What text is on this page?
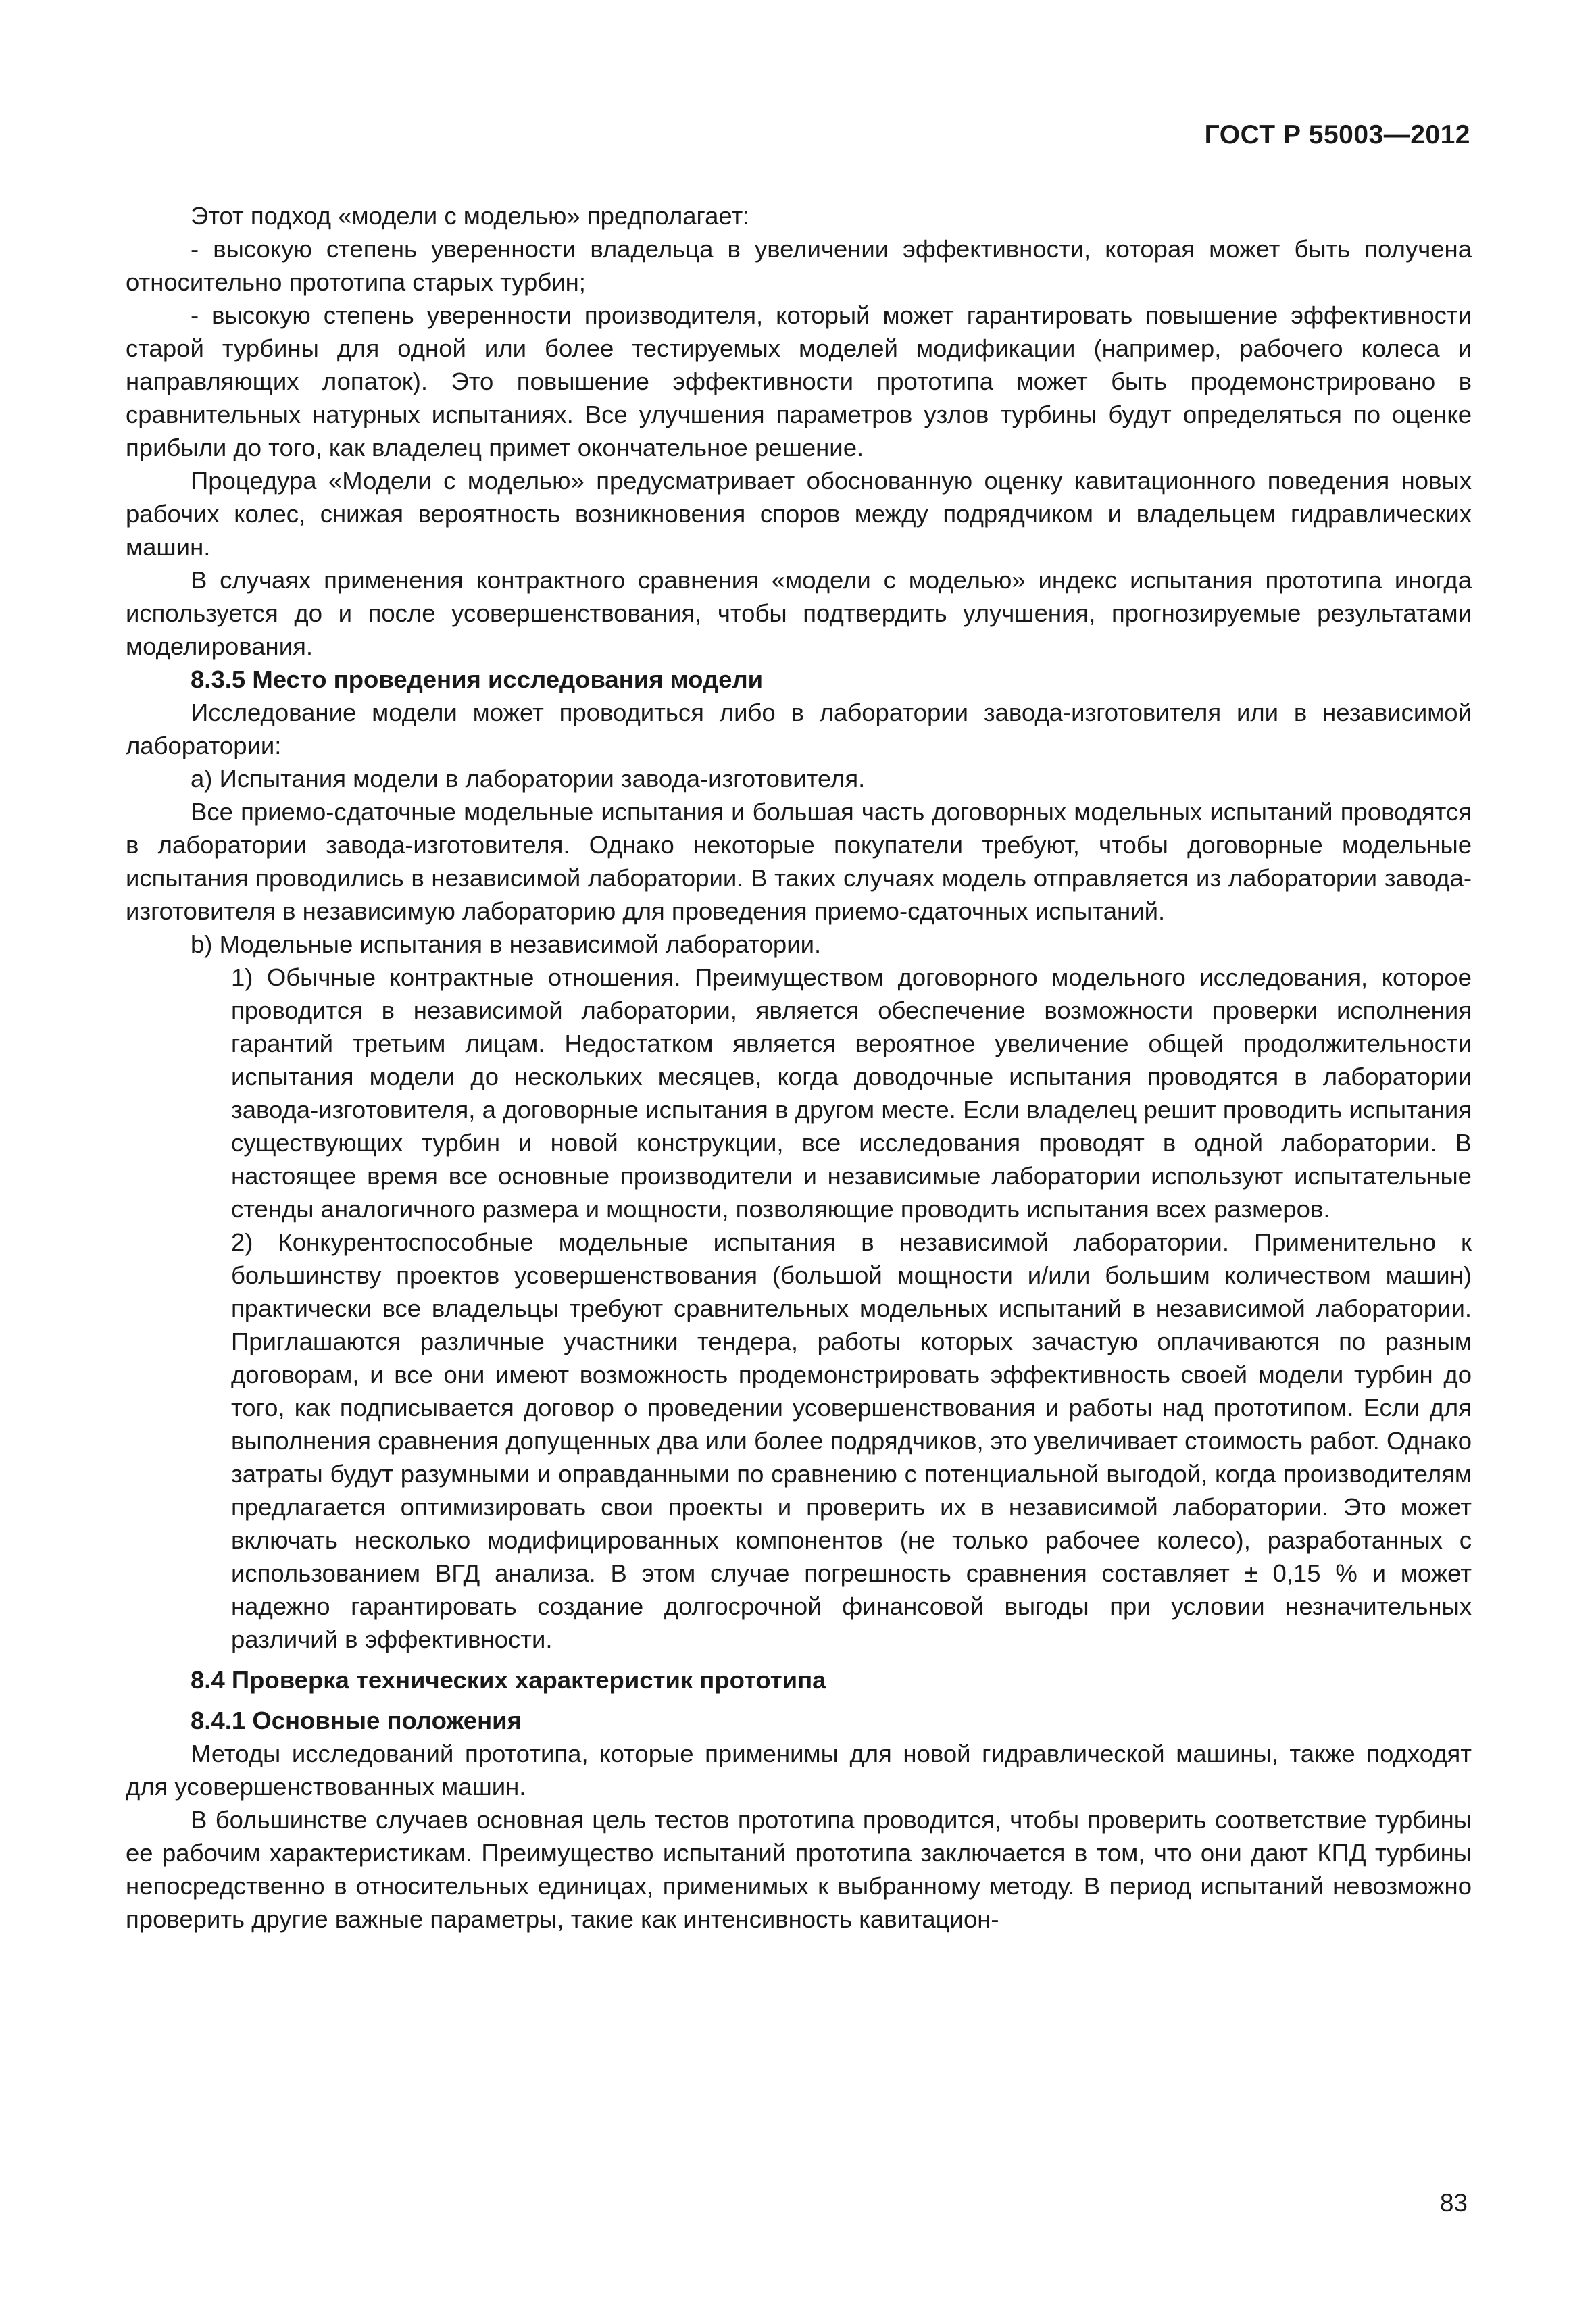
ГОСТ Р 55003—2012

Этот подход «модели с моделью» предполагает:

- высокую степень уверенности владельца в увеличении эффективности, которая может быть получена относительно прототипа старых турбин;

- высокую степень уверенности производителя, который может гарантировать повышение эффективности старой турбины для одной или более тестируемых моделей модификации (например, рабочего колеса и направляющих лопаток). Это повышение эффективности прототипа может быть продемонстрировано в сравнительных натурных испытаниях. Все улучшения параметров узлов турбины будут определяться по оценке прибыли до того, как владелец примет окончательное решение.

Процедура «Модели с моделью» предусматривает обоснованную оценку кавитационного поведения новых рабочих колес, снижая вероятность возникновения споров между подрядчиком и владельцем гидравлических машин.

В случаях применения контрактного сравнения «модели с моделью» индекс испытания прототипа иногда используется до и после усовершенствования, чтобы подтвердить улучшения, прогнозируемые результатами моделирования.

8.3.5 Место проведения исследования модели

Исследование модели может проводиться либо в лаборатории завода-изготовителя или в независимой лаборатории:

a) Испытания модели в лаборатории завода-изготовителя.

Все приемо-сдаточные модельные испытания и большая часть договорных модельных испытаний проводятся в лаборатории завода-изготовителя. Однако некоторые покупатели требуют, чтобы договорные модельные испытания проводились в независимой лаборатории. В таких случаях модель отправляется из лаборатории завода-изготовителя в независимую лабораторию для проведения приемо-сдаточных испытаний.

b) Модельные испытания в независимой лаборатории.

1) Обычные контрактные отношения. Преимуществом договорного модельного исследования, которое проводится в независимой лаборатории, является обеспечение возможности проверки исполнения гарантий третьим лицам. Недостатком является вероятное увеличение общей продолжительности испытания модели до нескольких месяцев, когда доводочные испытания проводятся в лаборатории завода-изготовителя, а договорные испытания в другом месте. Если владелец решит проводить испытания существующих турбин и новой конструкции, все исследования проводят в одной лаборатории. В настоящее время все основные производители и независимые лаборатории используют испытательные стенды аналогичного размера и мощности, позволяющие проводить испытания всех размеров.

2) Конкурентоспособные модельные испытания в независимой лаборатории. Применительно к большинству проектов усовершенствования (большой мощности и/или большим количеством машин) практически все владельцы требуют сравнительных модельных испытаний в независимой лаборатории. Приглашаются различные участники тендера, работы которых зачастую оплачиваются по разным договорам, и все они имеют возможность продемонстрировать эффективность своей модели турбин до того, как подписывается договор о проведении усовершенствования и работы над прототипом. Если для выполнения сравнения допущенных два или более подрядчиков, это увеличивает стоимость работ. Однако затраты будут разумными и оправданными по сравнению с потенциальной выгодой, когда производителям предлагается оптимизировать свои проекты и проверить их в независимой лаборатории. Это может включать несколько модифицированных компонентов (не только рабочее колесо), разработанных с использованием ВГД анализа. В этом случае погрешность сравнения составляет ± 0,15 % и может надежно гарантировать создание долгосрочной финансовой выгоды при условии незначительных различий в эффективности.

8.4 Проверка технических характеристик прототипа
8.4.1 Основные положения

Методы исследований прототипа, которые применимы для новой гидравлической машины, также подходят для усовершенствованных машин.

В большинстве случаев основная цель тестов прототипа проводится, чтобы проверить соответствие турбины ее рабочим характеристикам. Преимущество испытаний прототипа заключается в том, что они дают КПД турбины непосредственно в относительных единицах, применимых к выбранному методу. В период испытаний невозможно проверить другие важные параметры, такие как интенсивность кавитацион-

83
